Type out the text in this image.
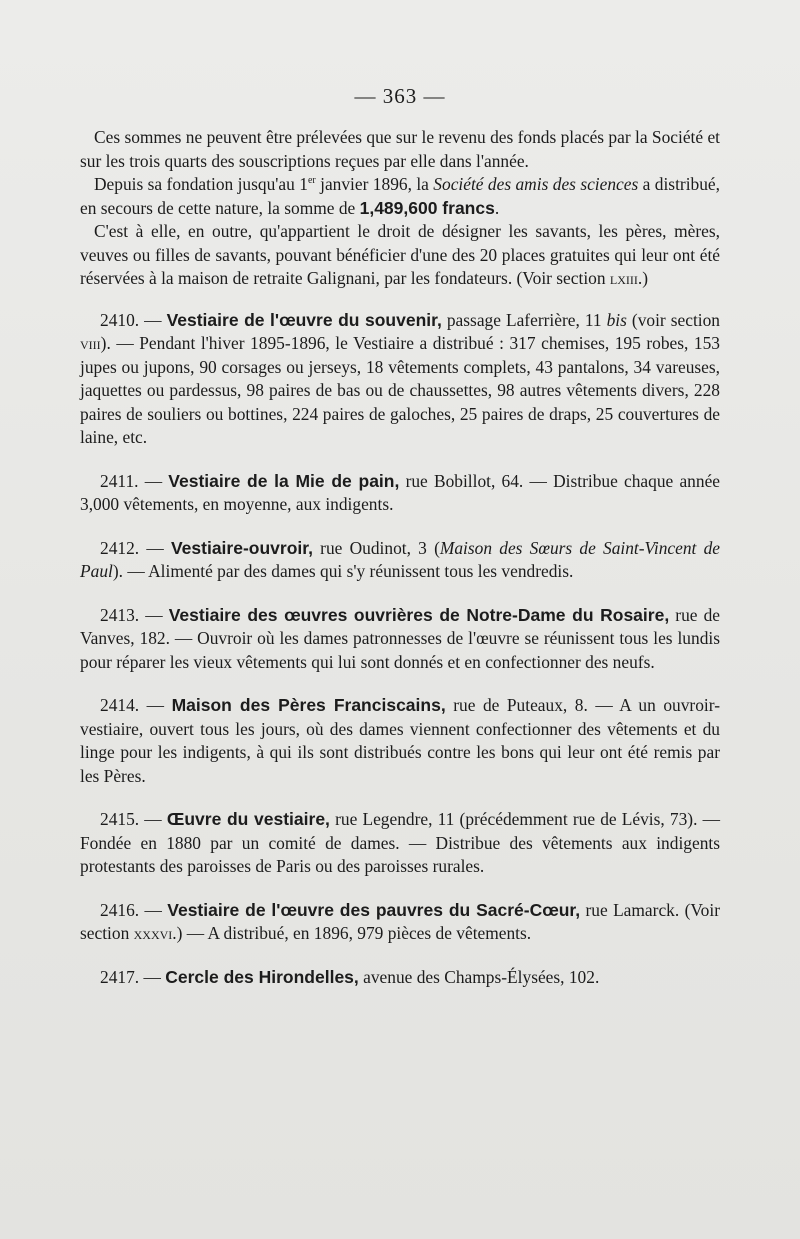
— 363 —

Ces sommes ne peuvent être prélevées que sur le revenu des fonds placés par la Société et sur les trois quarts des souscriptions reçues par elle dans l'année.

Depuis sa fondation jusqu'au 1er janvier 1896, la Société des amis des sciences a distribué, en secours de cette nature, la somme de 1,489,600 francs.

C'est à elle, en outre, qu'appartient le droit de désigner les savants, les pères, mères, veuves ou filles de savants, pouvant bénéficier d'une des 20 places gratuites qui leur ont été réservées à la maison de retraite Galignani, par les fondateurs. (Voir section lxiii.)

2410. — Vestiaire de l'œuvre du souvenir, passage Laferrière, 11 bis (voir section viii). — Pendant l'hiver 1895-1896, le Vestiaire a distribué : 317 chemises, 195 robes, 153 jupes ou jupons, 90 corsages ou jerseys, 18 vêtements complets, 43 pantalons, 34 vareuses, jaquettes ou pardessus, 98 paires de bas ou de chaussettes, 98 autres vêtements divers, 228 paires de souliers ou bottines, 224 paires de galoches, 25 paires de draps, 25 couvertures de laine, etc.

2411. — Vestiaire de la Mie de pain, rue Bobillot, 64. — Distribue chaque année 3,000 vêtements, en moyenne, aux indigents.

2412. — Vestiaire-ouvroir, rue Oudinot, 3 (Maison des Sœurs de Saint-Vincent de Paul). — Alimenté par des dames qui s'y réunissent tous les vendredis.

2413. — Vestiaire des œuvres ouvrières de Notre-Dame du Rosaire, rue de Vanves, 182. — Ouvroir où les dames patronnesses de l'œuvre se réunissent tous les lundis pour réparer les vieux vêtements qui lui sont donnés et en confectionner des neufs.

2414. — Maison des Pères Franciscains, rue de Puteaux, 8. — A un ouvroir-vestiaire, ouvert tous les jours, où des dames viennent confectionner des vêtements et du linge pour les indigents, à qui ils sont distribués contre les bons qui leur ont été remis par les Pères.

2415. — Œuvre du vestiaire, rue Legendre, 11 (précédemment rue de Lévis, 73). — Fondée en 1880 par un comité de dames. — Distribue des vêtements aux indigents protestants des paroisses de Paris ou des paroisses rurales.

2416. — Vestiaire de l'œuvre des pauvres du Sacré-Cœur, rue Lamarck. (Voir section xxxvi.) — A distribué, en 1896, 979 pièces de vêtements.

2417. — Cercle des Hirondelles, avenue des Champs-Élysées, 102.
